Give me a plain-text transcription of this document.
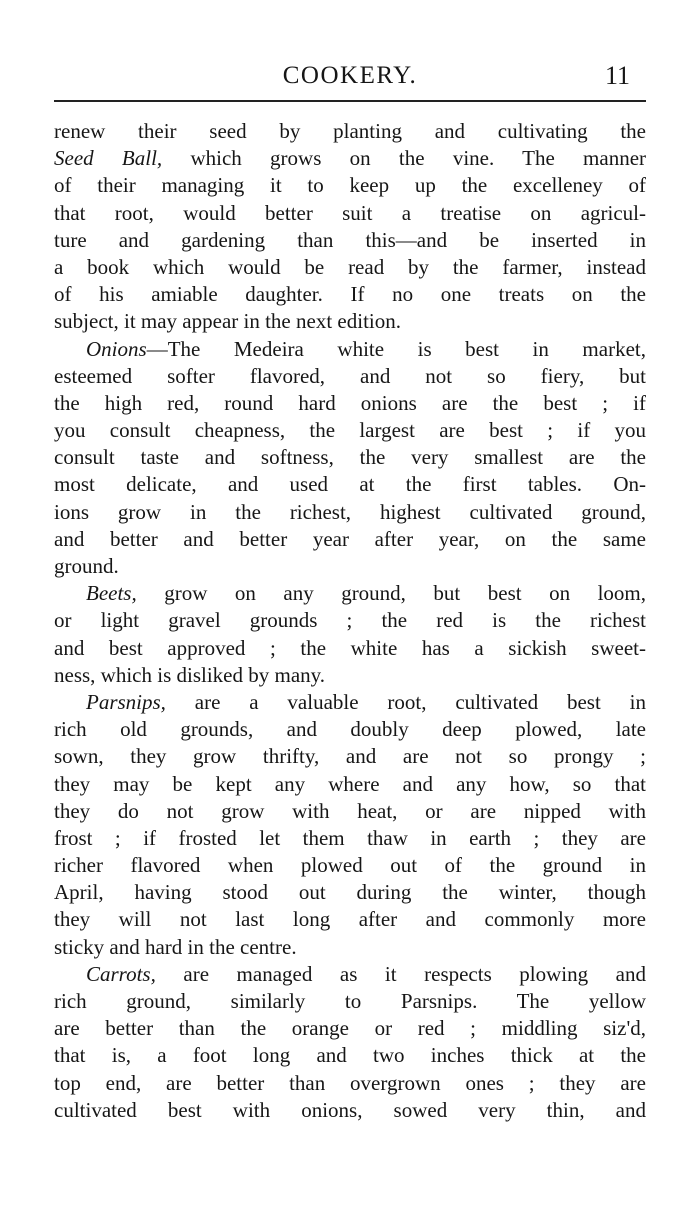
COOKERY.	11
renew their seed by planting and cultivating the
Seed Ball, which grows on the vine. The manner
of their managing it to keep up the excelleney of
that root, would better suit a treatise on agricul-
ture and gardening than this—and be inserted in
a book which would be read by the farmer, instead
of his amiable daughter. If no one treats on the
subject, it may appear in the next edition.
Onions—The Medeira white is best in market,
esteemed softer flavored, and not so fiery, but
the high red, round hard onions are the best ; if
you consult cheapness, the largest are best ; if you
consult taste and softness, the very smallest are the
most delicate, and used at the first tables. On-
ions grow in the richest, highest cultivated ground,
and better and better year after year, on the same
ground.
Beets, grow on any ground, but best on loom,
or light gravel grounds ; the red is the richest
and best approved ; the white has a sickish sweet-
ness, which is disliked by many.
Parsnips, are a valuable root, cultivated best in
rich old grounds, and doubly deep plowed, late
sown, they grow thrifty, and are not so prongy ;
they may be kept any where and any how, so that
they do not grow with heat, or are nipped with
frost ; if frosted let them thaw in earth ; they are
richer flavored when plowed out of the ground in
April, having stood out during the winter, though
they will not last long after and commonly more
sticky and hard in the centre.
Carrots, are managed as it respects plowing and
rich ground, similarly to Parsnips. The yellow
are better than the orange or red ; middling siz'd,
that is, a foot long and two inches thick at the
top end, are better than overgrown ones ; they are
cultivated best with onions, sowed very thin, and
